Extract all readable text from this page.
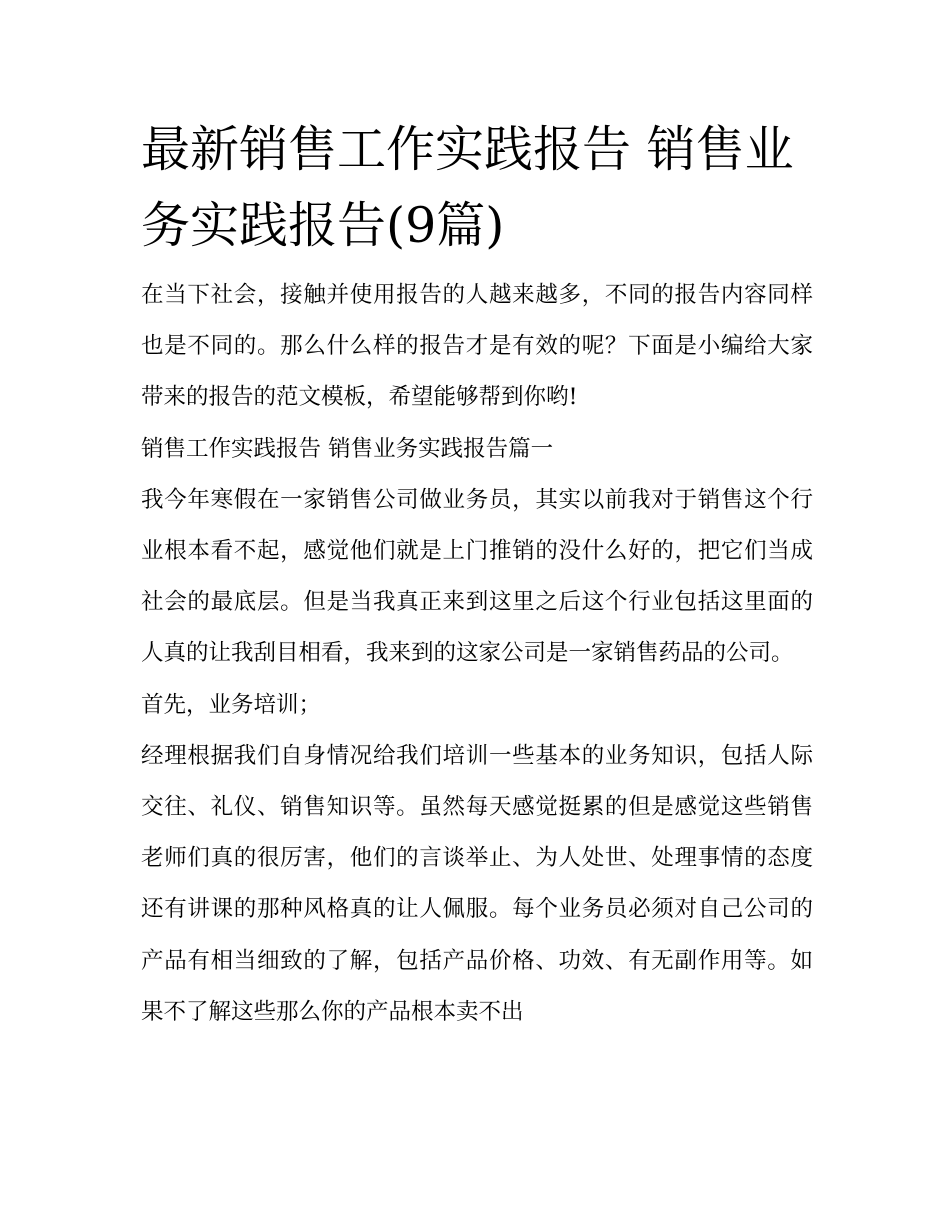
最新销售工作实践报告 销售业务实践报告(9篇)

在当下社会，接触并使用报告的人越来越多，不同的报告内容同样也是不同的。那么什么样的报告才是有效的呢？下面是小编给大家带来的报告的范文模板，希望能够帮到你哟!

销售工作实践报告 销售业务实践报告篇一

我今年寒假在一家销售公司做业务员，其实以前我对于销售这个行业根本看不起，感觉他们就是上门推销的没什么好的，把它们当成社会的最底层。但是当我真正来到这里之后这个行业包括这里面的人真的让我刮目相看，我来到的这家公司是一家销售药品的公司。

首先，业务培训；

经理根据我们自身情况给我们培训一些基本的业务知识，包括人际交往、礼仪、销售知识等。虽然每天感觉挺累的但是感觉这些销售老师们真的很厉害，他们的言谈举止、为人处世、处理事情的态度还有讲课的那种风格真的让人佩服。每个业务员必须对自己公司的产品有相当细致的了解，包括产品价格、功效、有无副作用等。如果不了解这些那么你的产品根本卖不出
